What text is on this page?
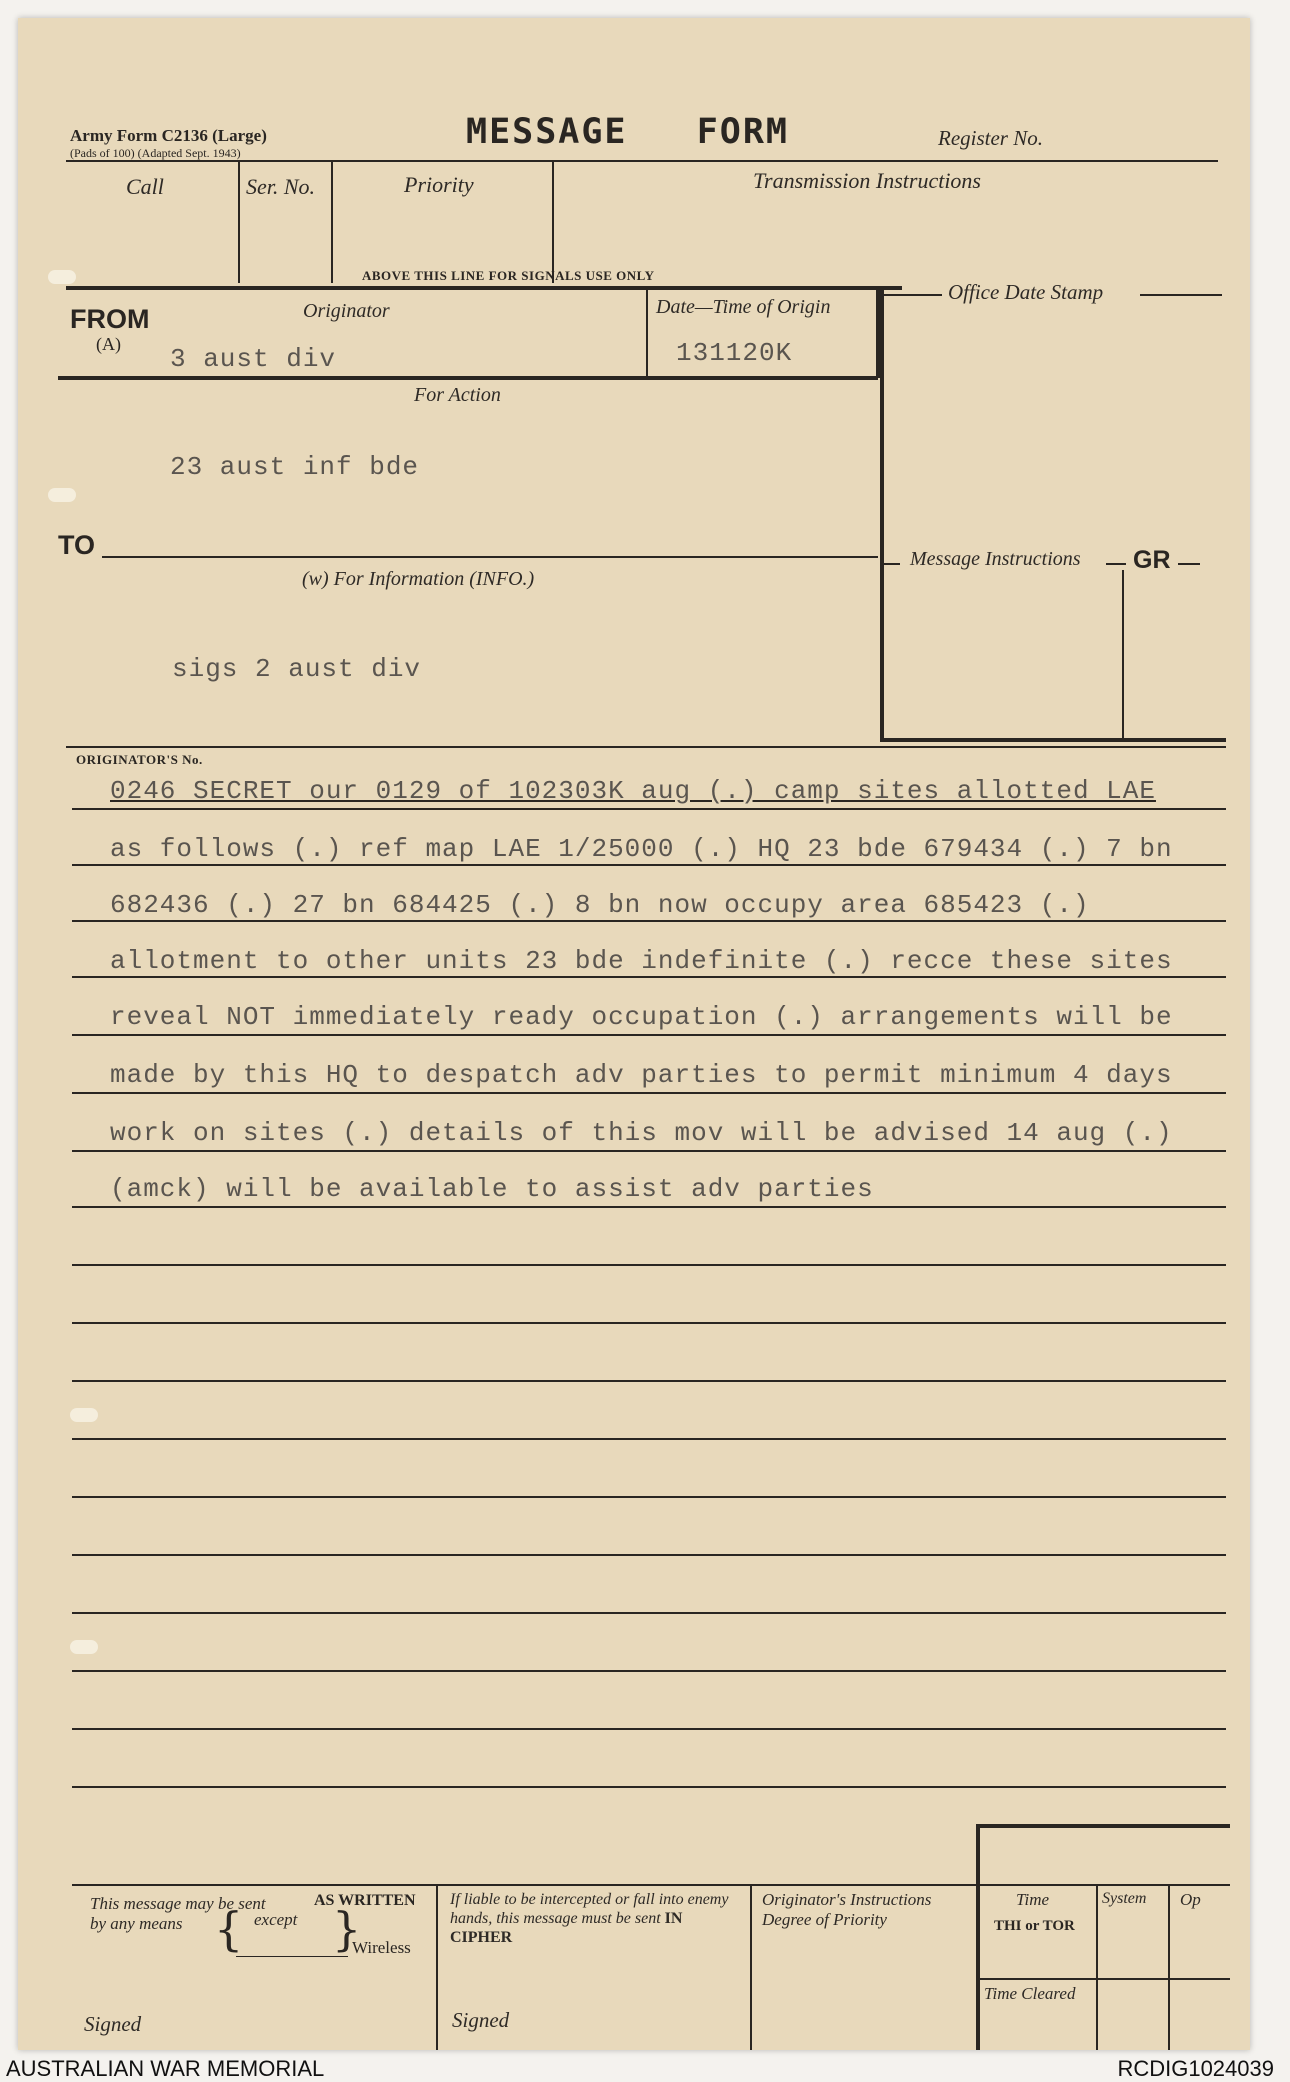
Army Form C2136 (Large)
(Pads of 100) (Adapted Sept. 1943)
MESSAGE   FORM	Register No.
Call	Ser. No.	Priority	Transmission Instructions
ABOVE THIS LINE FOR SIGNALS USE ONLY
FROM
(A)
Originator
3 aust div
Date—Time of Origin
131120K
Office Date Stamp
For Action
23 aust inf bde
TO
(w) For Information (INFO.)
sigs 2 aust div
Message Instructions GR
ORIGINATOR'S No.
0246 SECRET our 0129 of 102303K aug (.) camp sites allotted LAE
as follows (.) ref map LAE 1/25000 (.) HQ 23 bde 679434 (.) 7 bn
682436 (.) 27 bn 684425 (.) 8 bn now occupy area 685423 (.)
allotment to other units 23 bde indefinite (.) recce these sites
reveal NOT immediately ready occupation (.) arrangements will be
made by this HQ to despatch adv parties to permit minimum 4 days
work on sites (.) details of this mov will be advised 14 aug (.)
(amck) will be available to assist adv parties
This message may be sent	AS WRITTEN
by any means { except }
Wireless
If liable to be intercepted or fall into enemy hands, this message must be sent IN CIPHER
Originator's Instructions
Degree of Priority
Signed	Signed
Time	System Op
THI or TOR
Time Cleared
AUSTRALIAN WAR MEMORIAL	RCDIG1024039
